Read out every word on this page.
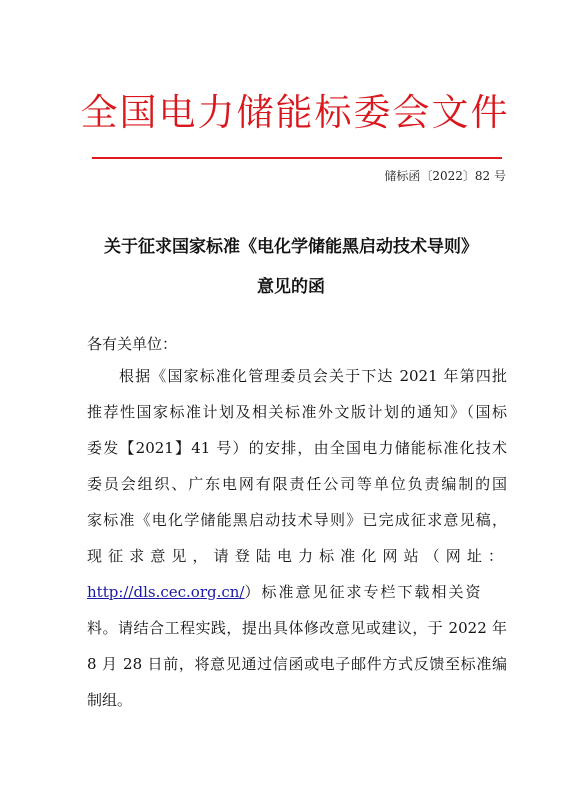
全国电力储能标委会文件
储标函〔2022〕82 号
关于征求国家标准《电化学储能黑启动技术导则》
意见的函
各有关单位：
根据《国家标准化管理委员会关于下达 2021 年第四批
推荐性国家标准计划及相关标准外文版计划的通知》（国标
委发【2021】41 号）的安排，由全国电力储能标准化技术
委员会组织、广东电网有限责任公司等单位负责编制的国
家标准《电化学储能黑启动技术导则》已完成征求意见稿，
现征求意见，请登陆电力标准化网站（网址：
http://dls.cec.org.cn/）标准意见征求专栏下载相关资
料。请结合工程实践，提出具体修改意见或建议，于 2022 年
8 月 28 日前，将意见通过信函或电子邮件方式反馈至标准编
制组。
